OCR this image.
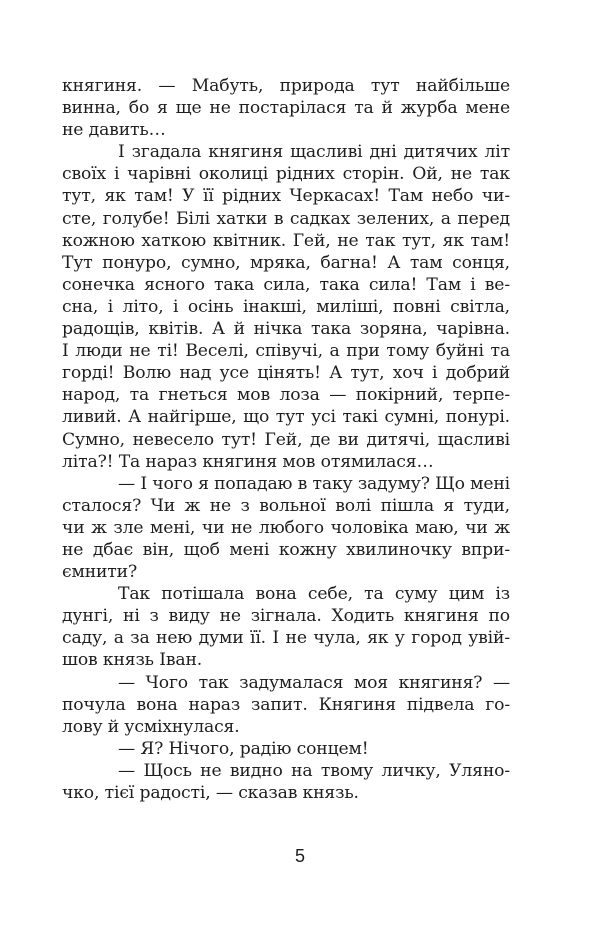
княгиня. — Мабуть, природа тут найбільше
винна, бо я ще не постарілася та й журба мене
не давить…
І згадала княгиня щасливі дні дитячих літ
своїх і чарівні околиці рідних сторін. Ой, не так
тут, як там! У її рідних Черкасах! Там небо чи-
сте, голубе! Білі хатки в садках зелених, а перед
кожною хаткою квітник. Гей, не так тут, як там!
Тут понуро, сумно, мряка, багна! А там сонця,
сонечка ясного така сила, така сила! Там і ве-
сна, і літо, і осінь інакші, миліші, повні світла,
радощів, квітів. А й нічка така зоряна, чарівна.
І люди не ті! Веселі, співучі, а при тому буйні та
горді! Волю над усе цінять! А тут, хоч і добрий
народ, та гнеться мов лоза — покірний, терпе-
ливий. А найгірше, що тут усі такі сумні, понурі.
Сумно, невесело тут! Гей, де ви дитячі, щасливі
літа?! Та нараз княгиня мов отямилася…
— І чого я попадаю в таку задуму? Що мені
сталося? Чи ж не з вольної волі пішла я туди,
чи ж зле мені, чи не любого чоловіка маю, чи ж
не дбає він, щоб мені кожну хвилиночку впри-
ємнити?
Так потішала вона себе, та суму цим із
дунгі, ні з виду не зігнала. Ходить княгиня по
саду, а за нею думи її. І не чула, як у город увій-
шов князь Іван.
— Чого так задумалася моя княгиня? —
почула вона нараз запит. Княгиня підвела го-
лову й усміхнулася.
— Я? Нічого, радію сонцем!
— Щось не видно на твому личку, Уляно-
чко, тієї радості, — сказав князь.
5
